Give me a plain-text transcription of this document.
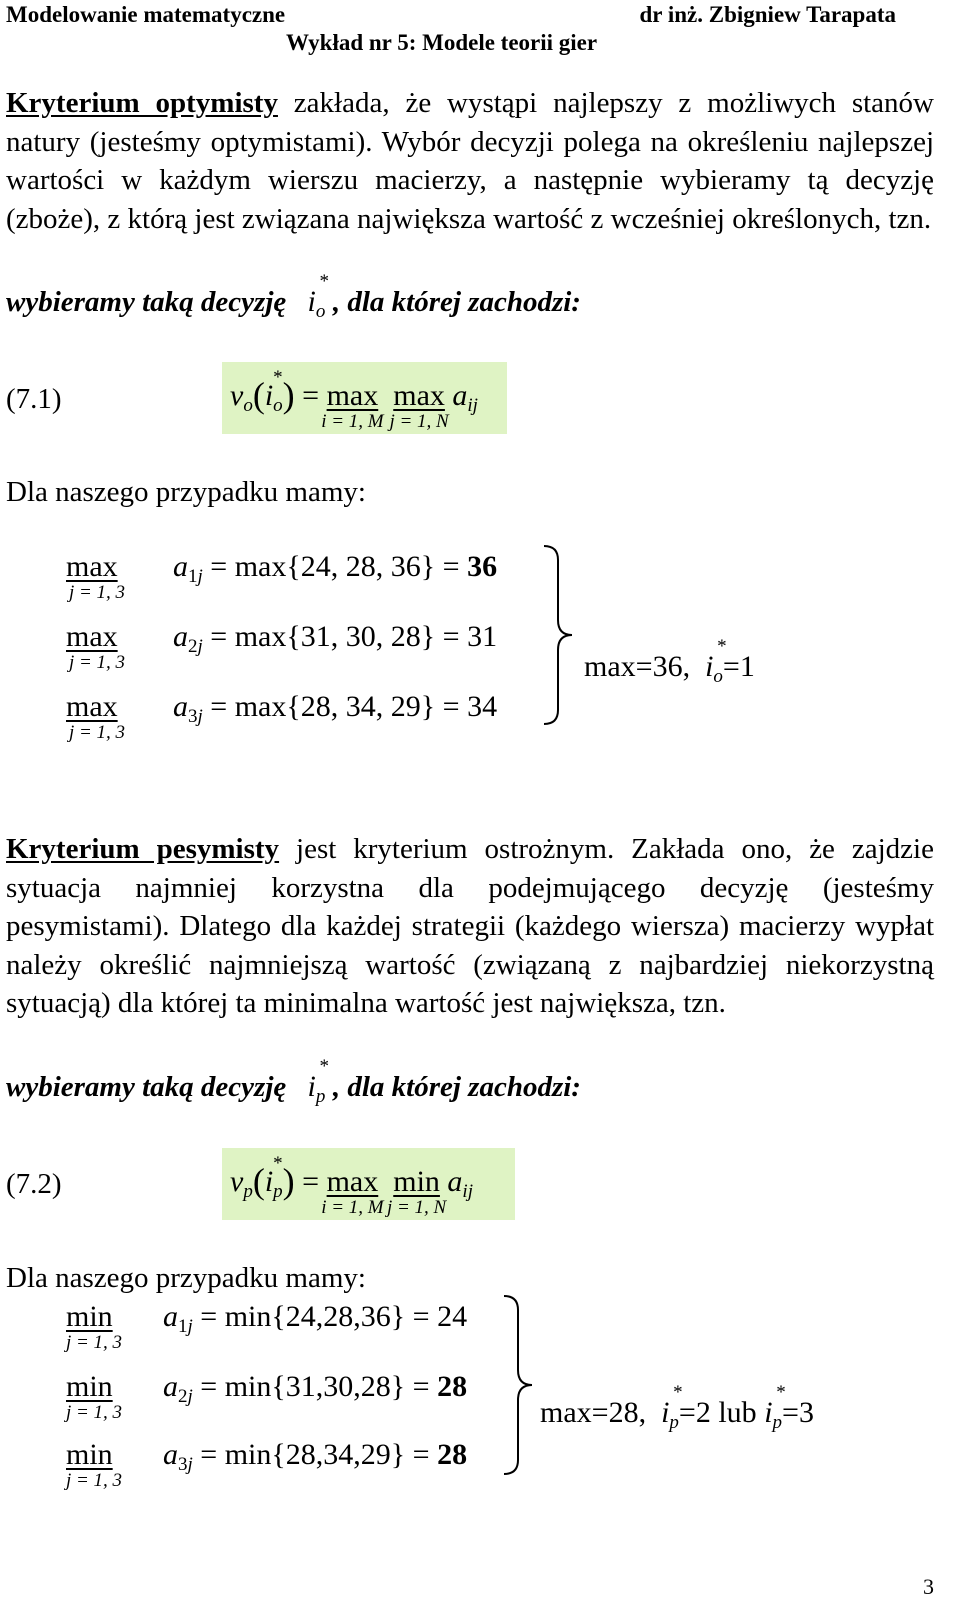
Modelowanie matematyczne	dr inż. Zbigniew Tarapata
Wykład nr 5: Modele teorii gier
Kryterium optymisty zakłada, że wystąpi najlepszy z możliwych stanów natury (jesteśmy optymistami). Wybór decyzji polega na określeniu najlepszej wartości w każdym wierszu macierzy, a następnie wybieramy tą decyzję (zboże), z którą jest związana największa wartość z wcześniej określonych, tzn.
wybieramy taką decyzję i
*
$_o$ , dla której zachodzi:
(7.1)	$v_o(i$
*
$_o$) = max
i = 1, M
max
j = 1, N
$a_{ij}$
Dla naszego przypadku mamy:
max
j = 1, 3
$a_{1j} = \max\{24$, 28, 36} = 36
max
j = 1, 3
$a_{2j} = \max\{31$, 30, 28} = 31
max
j = 1, 3
$a_{3j} = \max\{28$, 34, 29} = 34
max=36, i
*
$_o$=1
Kryterium pesymisty jest kryterium ostrożnym. Zakłada ono, że zajdzie sytuacja najmniej korzystna dla podejmującego decyzję (jesteśmy pesymistami). Dlatego dla każdej strategii (każdego wiersza) macierzy wypłat należy określić najmniejszą wartość (związaną z najbardziej niekorzystną sytuacją) dla której ta minimalna wartość jest największa, tzn.
wybieramy taką decyzję i
*
$_p$ , dla której zachodzi:
(7.2)	$v_p(i$
*
$_p$) = max
i = 1, M
min
j = 1, N
$a_{ij}$
Dla naszego przypadku mamy:
min
j = 1, 3
$a_{1j} = \min\{24,28,36\} = 24$
min
j = 1, 3
$a_{2j} = \min\{31,30,28\} = 28$
min
j = 1, 3
$a_{3j} = \min\{28,34,29\} = 28$
max=28, i
*
$_p$=2 lub i
*
$_p$=3
3
